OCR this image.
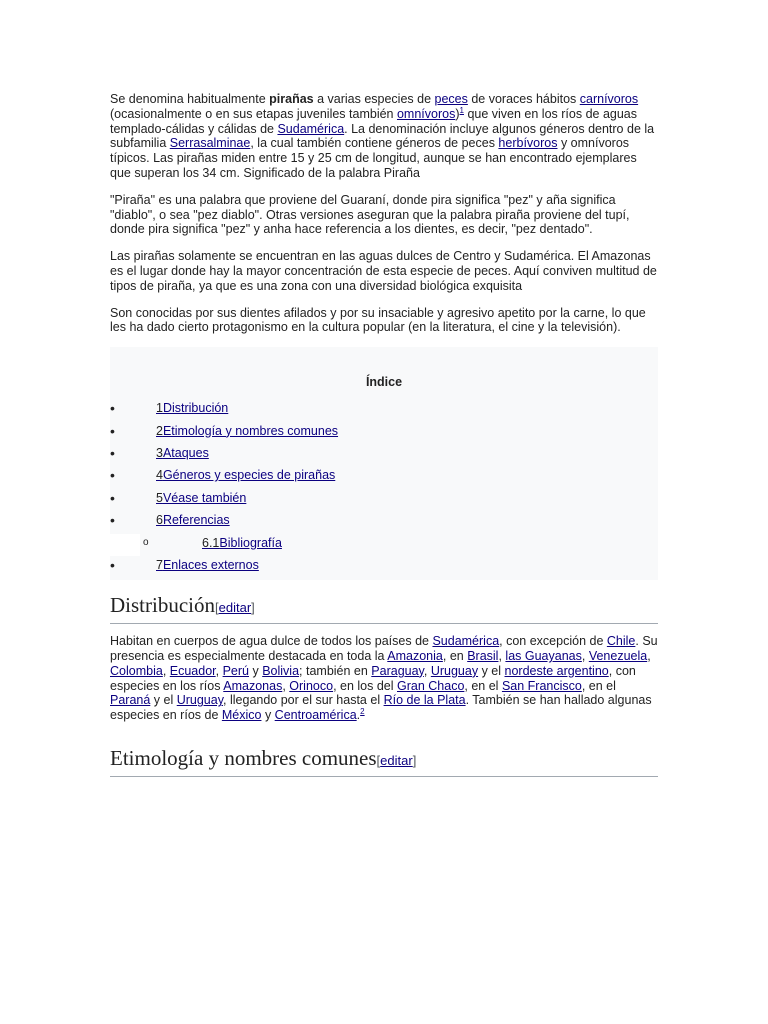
Se denomina habitualmente pirañas a varias especies de peces de voraces hábitos carnívoros (ocasionalmente o en sus etapas juveniles también omnívoros)$^1$ que viven en los ríos de aguas templado-cálidas y cálidas de Sudamérica. La denominación incluye algunos géneros dentro de la subfamilia Serrasalminae, la cual también contiene géneros de peces herbívoros y omnívoros típicos. Las pirañas miden entre 15 y 25 cm de longitud, aunque se han encontrado ejemplares que superan los 34 cm. Significado de la palabra Piraña

"Piraña" es una palabra que proviene del Guaraní, donde pira significa "pez" y aña significa "diablo", o sea "pez diablo". Otras versiones aseguran que la palabra piraña proviene del tupí, donde pira significa "pez" y anha hace referencia a los dientes, es decir, "pez dentado".

Las pirañas solamente se encuentran en las aguas dulces de Centro y Sudamérica. El Amazonas es el lugar donde hay la mayor concentración de esta especie de peces. Aquí conviven multitud de tipos de piraña, ya que es una zona con una diversidad biológica exquisita

Son conocidas por sus dientes afilados y por su insaciable y agresivo apetito por la carne, lo que les ha dado cierto protagonismo en la cultura popular (en la literatura, el cine y la televisión).

Índice
•	1Distribución
•	2Etimología y nombres comunes
•	3Ataques
•	4Géneros y especies de pirañas
•	5Véase también
•	6Referencias
o	6.1Bibliografía
•	7Enlaces externos
Distribución[editar]

Habitan en cuerpos de agua dulce de todos los países de Sudamérica, con excepción de Chile. Su presencia es especialmente destacada en toda la Amazonia, en Brasil, las Guayanas, Venezuela, Colombia, Ecuador, Perú y Bolivia; también en Paraguay, Uruguay y el nordeste argentino, con especies en los ríos Amazonas, Orinoco, en los del Gran Chaco, en el San Francisco, en el Paraná y el Uruguay, llegando por el sur hasta el Río de la Plata. También se han hallado algunas especies en ríos de México y Centroamérica.$^2$

Etimología y nombres comunes[editar]
